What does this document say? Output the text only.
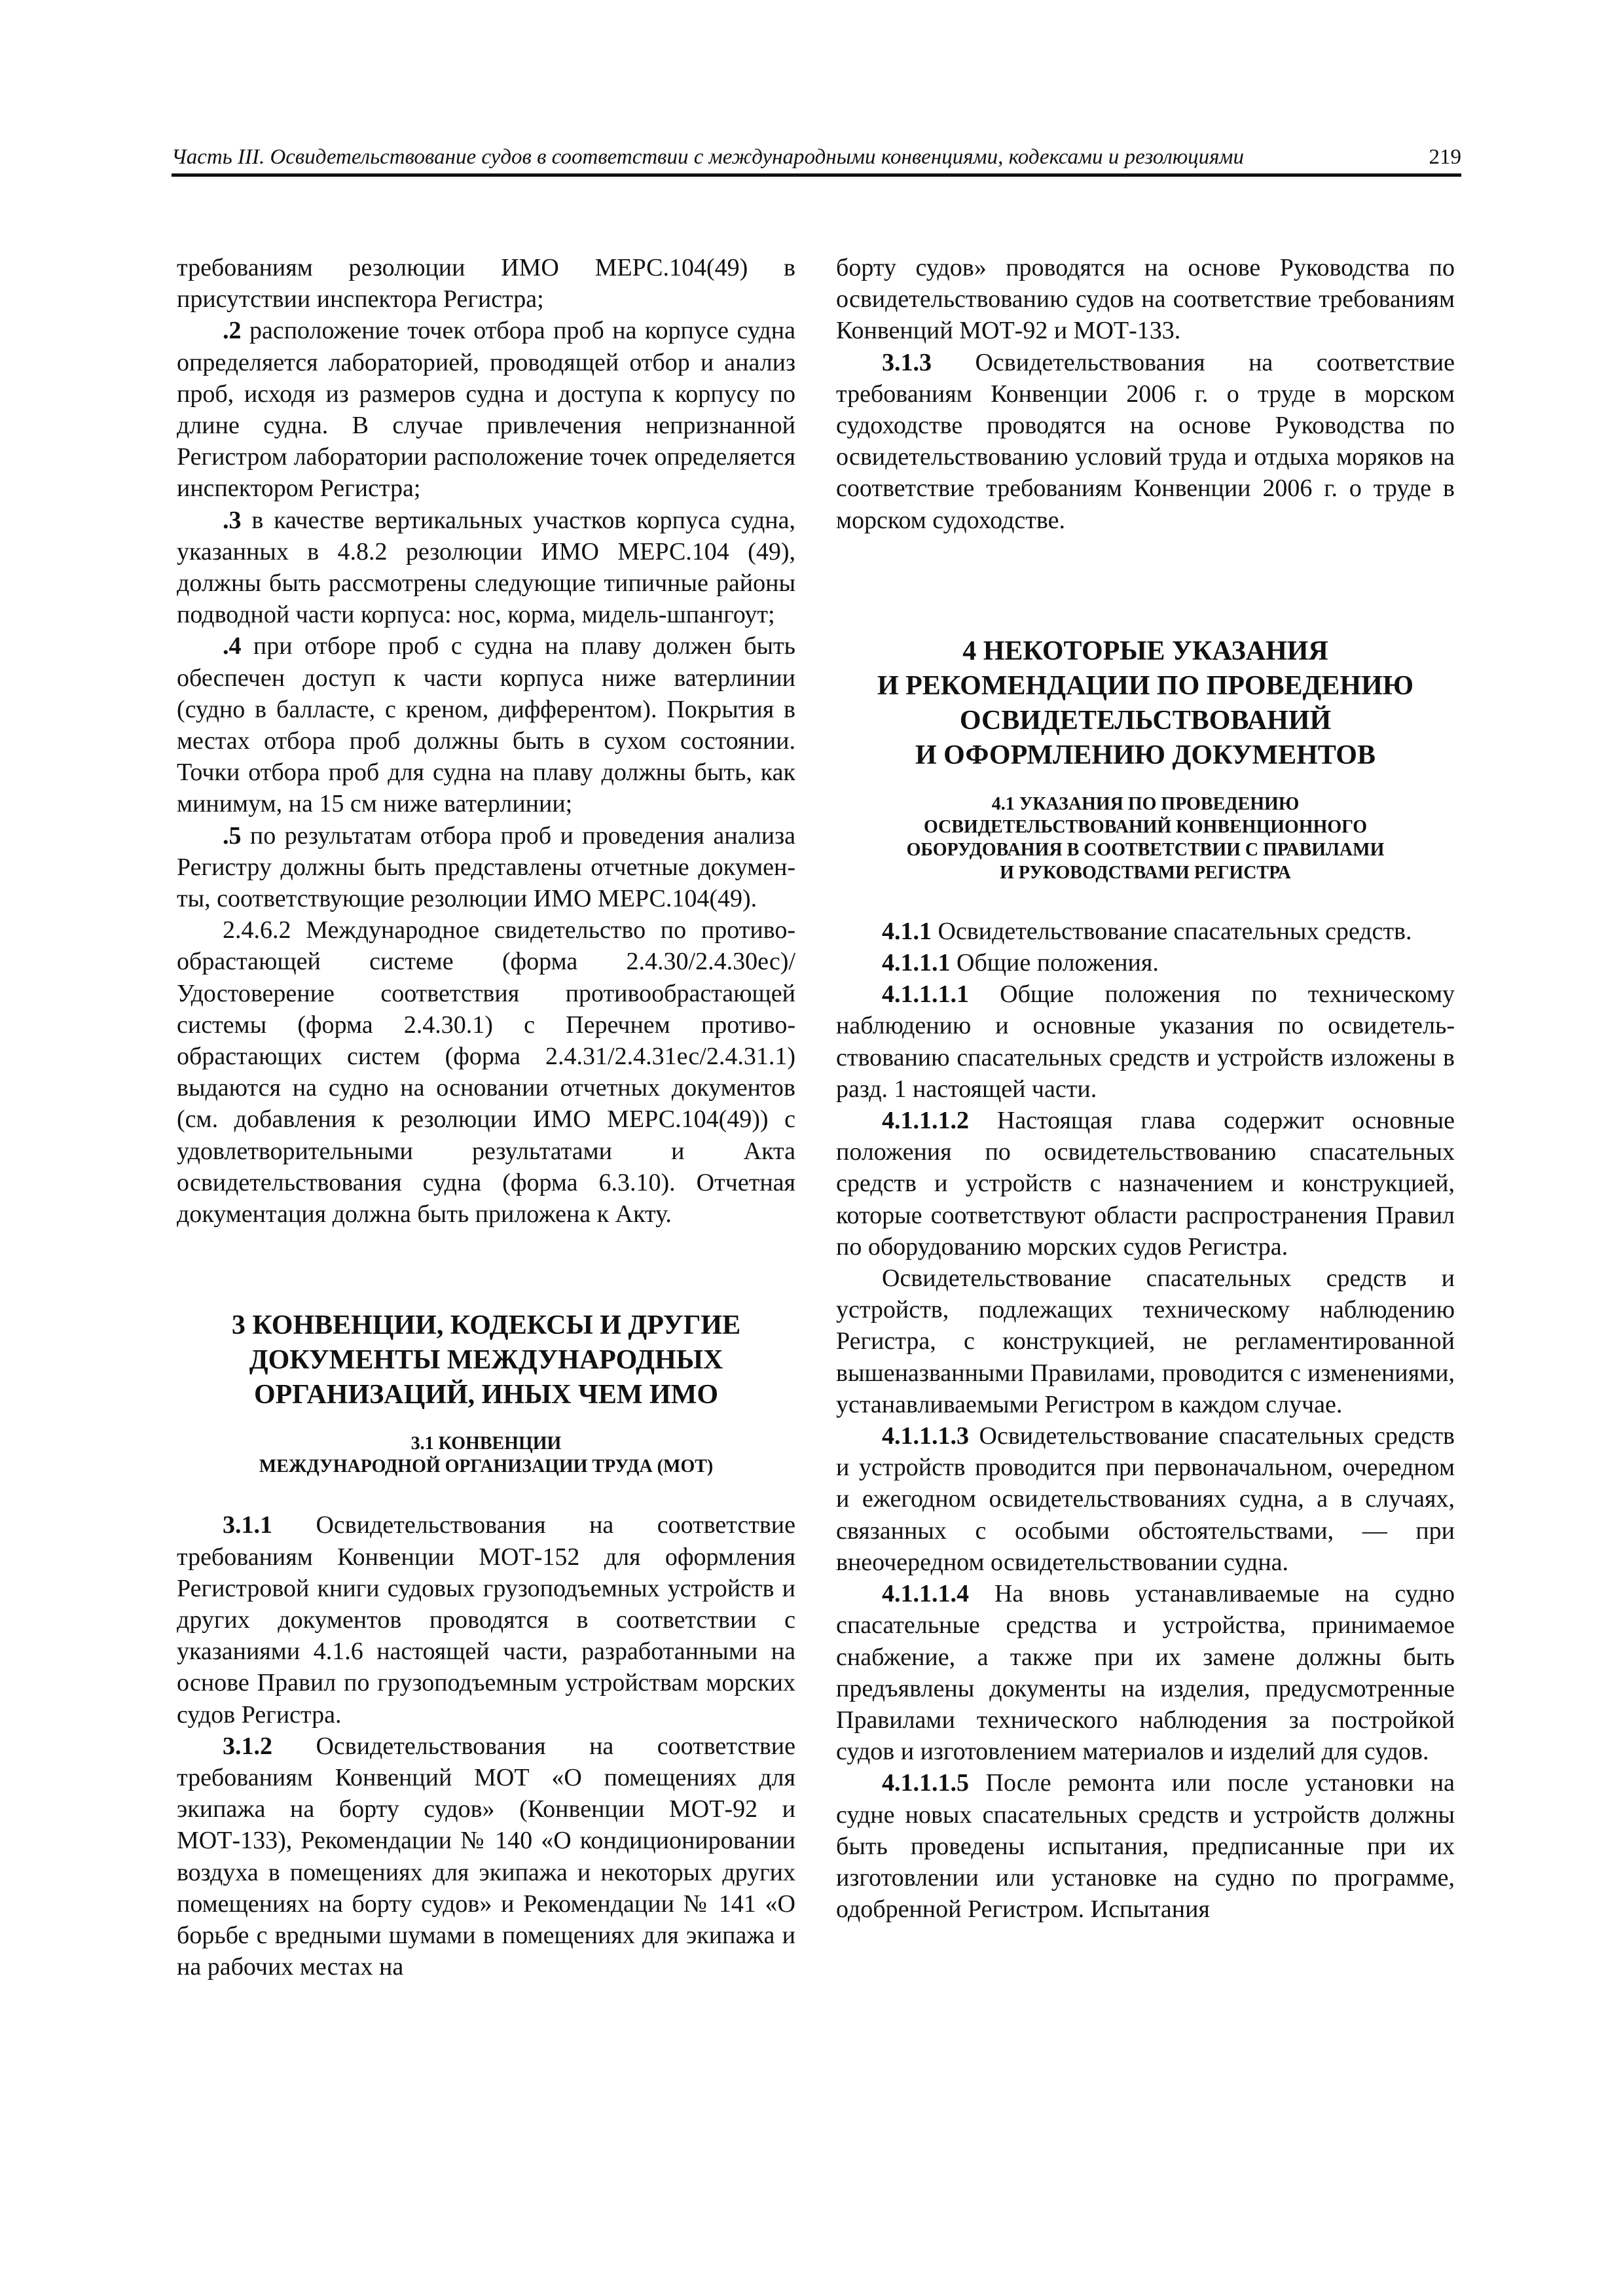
Часть III. Освидетельствование судов в соответствии с международными конвенциями, кодексами и резолюциями	219

требованиям резолюции ИМО МЕРС.104(49) в присутствии инспектора Регистра;

.2 расположение точек отбора проб на корпусе судна определяется лабораторией, проводящей отбор и анализ проб, исходя из размеров судна и доступа к корпусу по длине судна. В случае привлечения непризнанной Регистром лаборатории расположение точек определяется инспектором Регистра;

.3 в качестве вертикальных участков корпуса судна, указанных в 4.8.2 резолюции ИМО МЕРС.104 (49), должны быть рассмотрены следующие типичные районы подводной части корпуса: нос, корма, мидель-шпангоут;

.4 при отборе проб с судна на плаву должен быть обеспечен доступ к части корпуса ниже ватерлинии (судно в балласте, с креном, дифферентом). Покрытия в местах отбора проб должны быть в сухом состоянии. Точки отбора проб для судна на плаву должны быть, как минимум, на 15 см ниже ватерлинии;

.5 по результатам отбора проб и проведения анализа Регистру должны быть представлены отчетные документы, соответствующие резолюции ИМО МЕРС.104(49).

2.4.6.2 Международное свидетельство по противообрастающей системе (форма 2.4.30/2.4.30ес)/ Удостоверение соответствия противообрастающей системы (форма 2.4.30.1) с Перечнем противообрастающих систем (форма 2.4.31/2.4.31ес/2.4.31.1) выдаются на судно на основании отчетных документов (см. добавления к резолюции ИМО МЕРС.104(49)) с удовлетворительными результатами и Акта освидетельствования судна (форма 6.3.10). Отчетная документация должна быть приложена к Акту.

3 КОНВЕНЦИИ, КОДЕКСЫ И ДРУГИЕ
ДОКУМЕНТЫ МЕЖДУНАРОДНЫХ
ОРГАНИЗАЦИЙ, ИНЫХ ЧЕМ ИМО
3.1 КОНВЕНЦИИ
МЕЖДУНАРОДНОЙ ОРГАНИЗАЦИИ ТРУДА (МОТ)

3.1.1 Освидетельствования на соответствие требованиям Конвенции МОТ-152 для оформления Регистровой книги судовых грузоподъемных устройств и других документов проводятся в соответствии с указаниями 4.1.6 настоящей части, разработанными на основе Правил по грузоподъемным устройствам морских судов Регистра.

3.1.2 Освидетельствования на соответствие требованиям Конвенций МОТ «О помещениях для экипажа на борту судов» (Конвенции МОТ-92 и МОТ-133), Рекомендации № 140 «О кондиционировании воздуха в помещениях для экипажа и некоторых других помещениях на борту судов» и Рекомендации № 141 «О борьбе с вредными шумами в помещениях для экипажа и на рабочих местах на

борту судов» проводятся на основе Руководства по освидетельствованию судов на соответствие требованиям Конвенций МОТ-92 и МОТ-133.

3.1.3 Освидетельствования на соответствие требованиям Конвенции 2006 г. о труде в морском судоходстве проводятся на основе Руководства по освидетельствованию условий труда и отдыха моряков на соответствие требованиям Конвенции 2006 г. о труде в морском судоходстве.

4 НЕКОТОРЫЕ УКАЗАНИЯ
И РЕКОМЕНДАЦИИ ПО ПРОВЕДЕНИЮ
ОСВИДЕТЕЛЬСТВОВАНИЙ
И ОФОРМЛЕНИЮ ДОКУМЕНТОВ
4.1 УКАЗАНИЯ ПО ПРОВЕДЕНИЮ
ОСВИДЕТЕЛЬСТВОВАНИЙ КОНВЕНЦИОННОГО
ОБОРУДОВАНИЯ В СООТВЕТСТВИИ С ПРАВИЛАМИ
И РУКОВОДСТВАМИ РЕГИСТРА

4.1.1 Освидетельствование спасательных средств.

4.1.1.1 Общие положения.

4.1.1.1.1 Общие положения по техническому наблюдению и основные указания по освидетельствованию спасательных средств и устройств изложены в разд. 1 настоящей части.

4.1.1.1.2 Настоящая глава содержит основные положения по освидетельствованию спасательных средств и устройств с назначением и конструкцией, которые соответствуют области распространения Правил по оборудованию морских судов Регистра.

Освидетельствование спасательных средств и устройств, подлежащих техническому наблюдению Регистра, с конструкцией, не регламентированной вышеназванными Правилами, проводится с изменениями, устанавливаемыми Регистром в каждом случае.

4.1.1.1.3 Освидетельствование спасательных средств и устройств проводится при первоначальном, очередном и ежегодном освидетельствованиях судна, а в случаях, связанных с особыми обстоятельствами, — при внеочередном освидетельствовании судна.

4.1.1.1.4 На вновь устанавливаемые на судно спасательные средства и устройства, принимаемое снабжение, а также при их замене должны быть предъявлены документы на изделия, предусмотренные Правилами технического наблюдения за постройкой судов и изготовлением материалов и изделий для судов.

4.1.1.1.5 После ремонта или после установки на судне новых спасательных средств и устройств должны быть проведены испытания, предписанные при их изготовлении или установке на судно по программе, одобренной Регистром. Испытания
